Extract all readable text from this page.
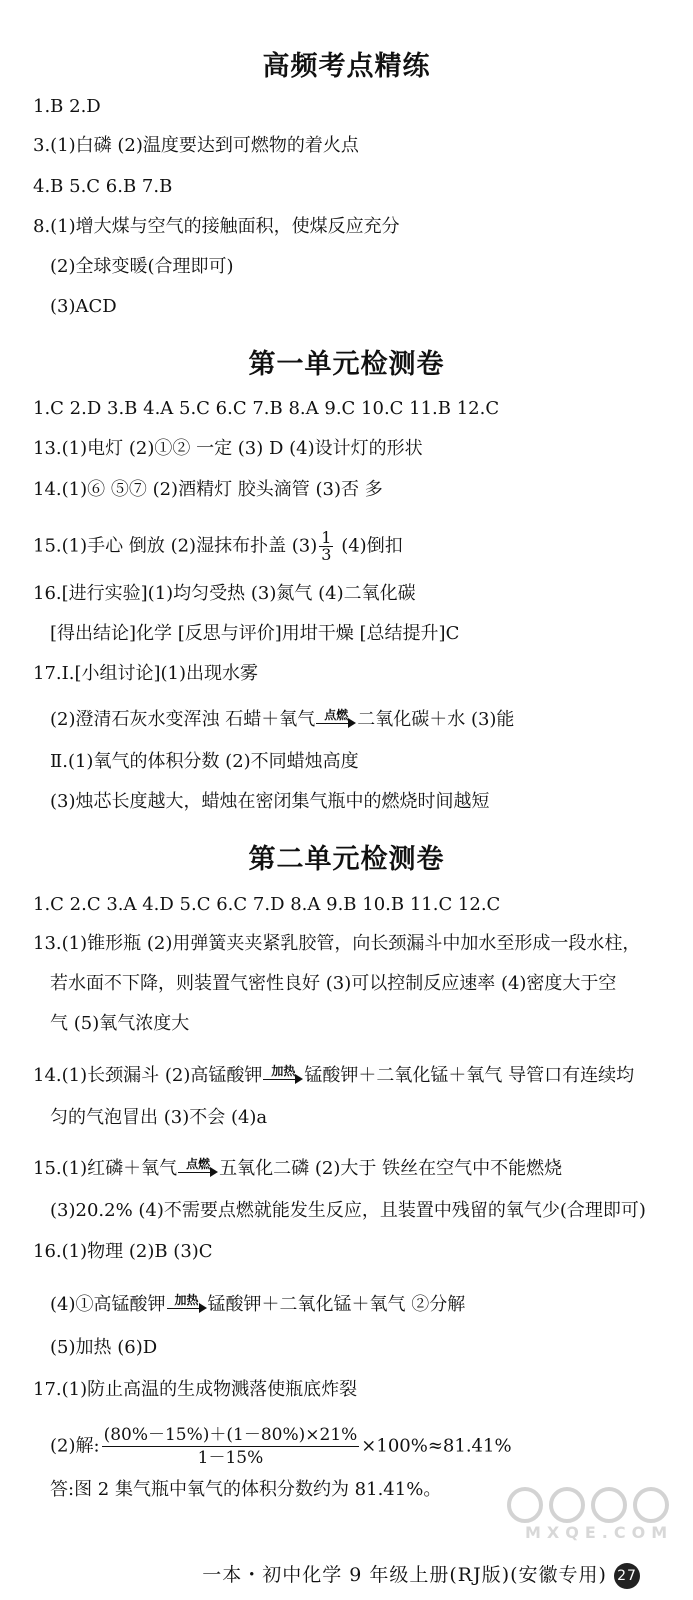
高频考点精练
1.B 2.D
3.(1)白磷 (2)温度要达到可燃物的着火点
4.B 5.C 6.B 7.B
8.(1)增大煤与空气的接触面积，使煤反应充分
(2)全球变暖(合理即可)
(3)ACD
第一单元检测卷
1.C 2.D 3.B 4.A 5.C 6.C 7.B 8.A 9.C 10.C 11.B 12.C
13.(1)电灯 (2)①② 一定 (3) D (4)设计灯的形状
14.(1)⑥ ⑤⑦ (2)酒精灯 胶头滴管 (3)否 多
15.(1)手心 倒放 (2)湿抹布扑盖 $(3) \frac{1}{3} (4)$倒扣
16.[进行实验](1)均匀受热 (3)氮气 (4)二氧化碳
[得出结论]化学 [反思与评价]用坩干燥 [总结提升]C
17.Ⅰ.[小组讨论](1)出现水雾
(2)澄清石灰水变浑浊 石蜡＋氧气 点燃 二氧化碳＋水 (3)能
Ⅱ.(1)氧气的体积分数 (2)不同蜡烛高度
(3)烛芯长度越大，蜡烛在密闭集气瓶中的燃烧时间越短
第二单元检测卷
1.C 2.C 3.A 4.D 5.C 6.C 7.D 8.A 9.B 10.B 11.C 12.C
13.(1)锥形瓶 (2)用弹簧夹夹紧乳胶管，向长颈漏斗中加水至形成一段水柱，
若水面不下降，则装置气密性良好 (3)可以控制反应速率 (4)密度大于空
气 (5)氧气浓度大
14.(1)长颈漏斗 (2)高锰酸钾 加热 锰酸钾＋二氧化锰＋氧气 导管口有连续均
匀的气泡冒出 (3)不会 (4)a
15.(1)红磷＋氧气 点燃 五氧化二磷 (2)大于 铁丝在空气中不能燃烧
(3)20.2% (4)不需要点燃就能发生反应，且装置中残留的氧气少(合理即可)
16.(1)物理 (2)B (3)C
(4)①高锰酸钾 加热 锰酸钾＋二氧化锰＋氧气 ②分解
(5)加热 (6)D
17.(1)防止高温的生成物溅落使瓶底炸裂
(2)解: $\frac{(80\%-15\%)+(1-80\%)\times 21\%}{1-15\%} \times 100\%\approx 81.41\%$
答:图 2 集气瓶中氧气的体积分数约为 81.41%。
MXQE.COM
一本・初中化学 9 年级上册(RJ版)(安徽专用) 27
